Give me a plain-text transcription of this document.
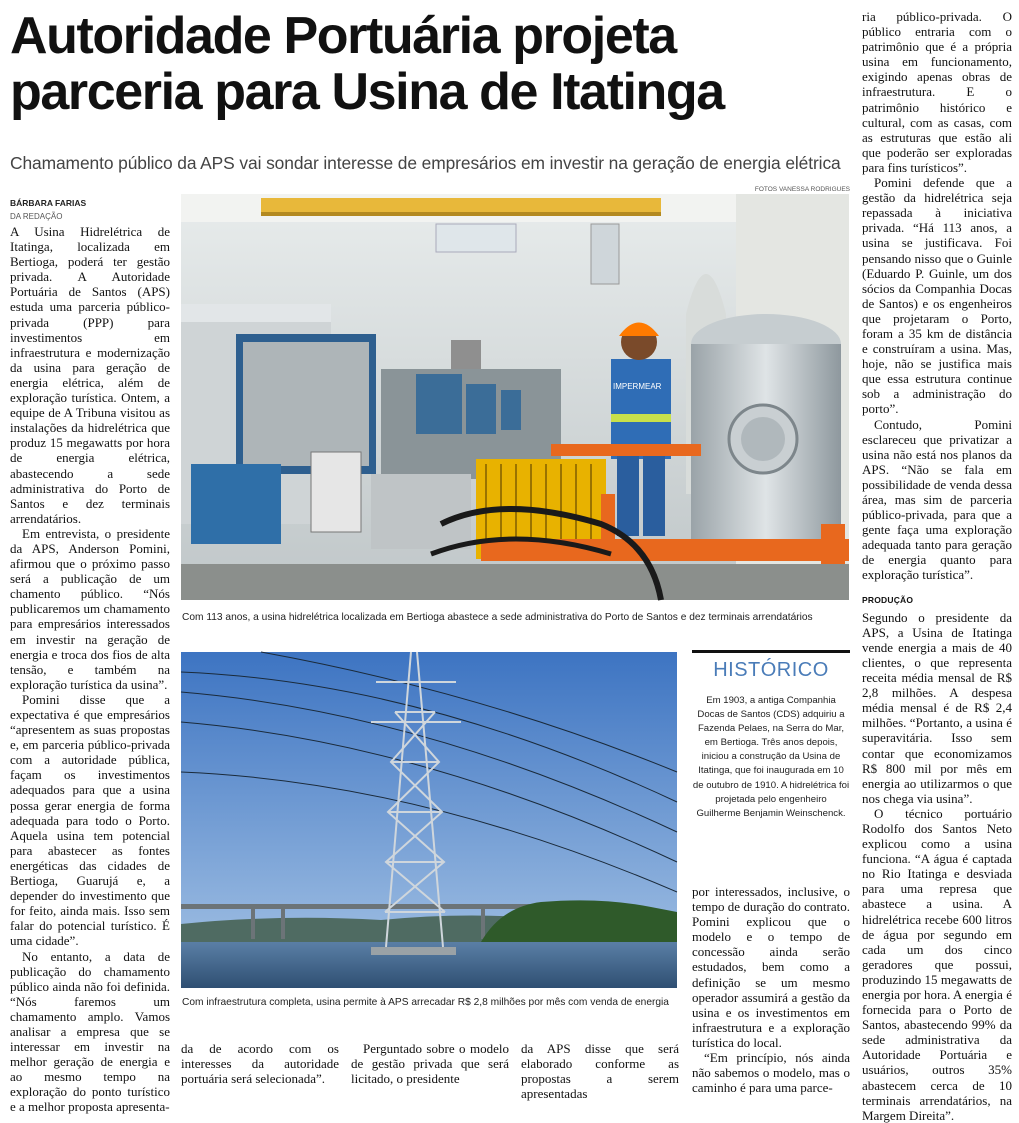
Autoridade Portuária projeta
parceria para Usina de Itatinga
Chamamento público da APS vai sondar interesse de empresários em investir na geração de energia elétrica
BÁRBARA FARIAS
DA REDAÇÃO
FOTOS VANESSA RODRIGUES

A Usina Hidrelétrica de Itatinga, localizada em Bertioga, poderá ter gestão privada. A Autoridade Portuária de Santos (APS) estuda uma parceria público-privada (PPP) para investimentos em infraestrutura e modernização da usina para geração de energia elétrica, além de exploração turística. Ontem, a equipe de A Tribuna visitou as instalações da hidrelétrica que produz 15 megawatts por hora de energia elétrica, abastecendo a sede administrativa do Porto de Santos e dez terminais arrendatários.

Em entrevista, o presidente da APS, Anderson Pomini, afirmou que o próximo passo será a publicação de um chamento público. “Nós publicaremos um chamamento para empresários interessados em investir na geração de energia e troca dos fios de alta tensão, e também na exploração turística da usina”.

Pomini disse que a expectativa é que empresários “apresentem as suas propostas e, em parceria público-privada com a autoridade pública, façam os investimentos adequados para que a usina possa gerar energia de forma adequada para todo o Porto. Aquela usina tem potencial para abastecer as fontes energéticas das cidades de Bertioga, Guarujá e, a depender do investimento que for feito, ainda mais. Isso sem falar do potencial turístico. É uma cidade”.

No entanto, a data de publicação do chamamento público ainda não foi definida. “Nós faremos um chamamento amplo. Vamos analisar a empresa que se interessar em investir na melhor geração de energia e ao mesmo tempo na exploração do ponto turístico e a melhor proposta apresenta-

IMPERMEAR
Com 113 anos, a usina hidrelétrica localizada em Bertioga abastece a sede administrativa do Porto de Santos e dez terminais arrendatários
Com infraestrutura completa, usina permite à APS arrecadar R$ 2,8 milhões por mês com venda de energia
HISTÓRICO
Em 1903, a antiga Companhia Docas de Santos (CDS) adquiriu a Fazenda Pelaes, na Serra do Mar, em Bertioga. Três anos depois, iniciou a construção da Usina de Itatinga, que foi inaugurada em 10 de outubro de 1910. A hidrelétrica foi projetada pelo engenheiro Guilherme Benjamin Weinschenck.

por interessados, inclusive, o tempo de duração do contrato. Pomini explicou que o modelo e o tempo de concessão ainda serão estudados, bem como a definição se um mesmo operador assumirá a gestão da usina e os investimentos em infraestrutura e a exploração turística do local.

“Em princípio, nós ainda não sabemos o modelo, mas o caminho é para uma parce-

da de acordo com os interesses da autoridade portuária será selecionada”.

Perguntado sobre o modelo de gestão privada que será licitado, o presidente

da APS disse que será elaborado conforme as propostas a serem apresentadas

ria público-privada. O público entraria com o patrimônio que é a própria usina em funcionamento, exigindo apenas obras de infraestrutura. E o patrimônio histórico e cultural, com as casas, com as estruturas que estão ali que poderão ser exploradas para fins turísticos”.

Pomini defende que a gestão da hidrelétrica seja repassada à iniciativa privada. “Há 113 anos, a usina se justificava. Foi pensando nisso que o Guinle (Eduardo P. Guinle, um dos sócios da Companhia Docas de Santos) e os engenheiros que projetaram o Porto, foram a 35 km de distância e construíram a usina. Mas, hoje, não se justifica mais que essa estrutura continue sob a administração do porto”.

Contudo, Pomini esclareceu que privatizar a usina não está nos planos da APS. “Não se fala em possibilidade de venda dessa área, mas sim de parceria público-privada, para que a gente faça uma exploração adequada tanto para geração de energia quanto para exploração turística”.

PRODUÇÃO

Segundo o presidente da APS, a Usina de Itatinga vende energia a mais de 40 clientes, o que representa receita média mensal de R$ 2,8 milhões. A despesa média mensal é de R$ 2,4 milhões. “Portanto, a usina é superavitária. Isso sem contar que economizamos R$ 800 mil por mês em energia ao utilizarmos o que nos chega via usina”.

O técnico portuário Rodolfo dos Santos Neto explicou como a usina funciona. “A água é captada no Rio Itatinga e desviada para uma represa que abastece a usina. A hidrelétrica recebe 600 litros de água por segundo em cada um dos cinco geradores que possui, produzindo 15 megawatts de energia por hora. A energia é fornecida para o Porto de Santos, abastecendo 99% da sede administrativa da Autoridade Portuária e usuários, outros 35% abastecem cerca de 10 terminais arrendatários, na Margem Direita”.
